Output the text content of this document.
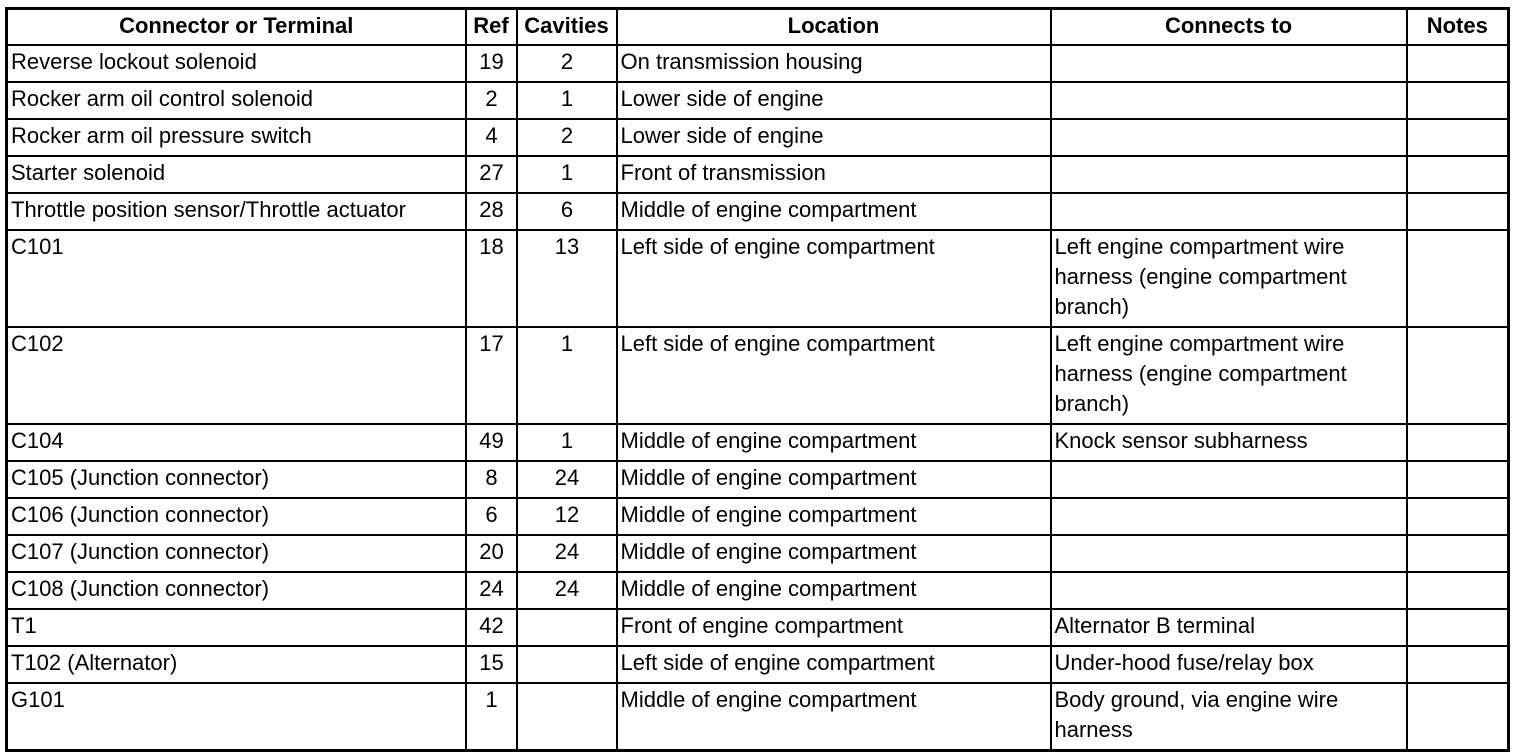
Connector or Terminal	Ref	Cavities	Location	Connects to	Notes
Reverse lockout solenoid	19	2	On transmission housing		
Rocker arm oil control solenoid	2	1	Lower side of engine		
Rocker arm oil pressure switch	4	2	Lower side of engine		
Starter solenoid	27	1	Front of transmission		
Throttle position sensor/Throttle actuator	28	6	Middle of engine compartment		
C101	18	13	Left side of engine compartment	Left engine compartment wire harness (engine compartment branch)	
C102	17	1	Left side of engine compartment	Left engine compartment wire harness (engine compartment branch)	
C104	49	1	Middle of engine compartment	Knock sensor subharness	
C105 (Junction connector)	8	24	Middle of engine compartment		
C106 (Junction connector)	6	12	Middle of engine compartment		
C107 (Junction connector)	20	24	Middle of engine compartment		
C108 (Junction connector)	24	24	Middle of engine compartment		
T1	42		Front of engine compartment	Alternator B terminal	
T102 (Alternator)	15		Left side of engine compartment	Under-hood fuse/relay box	
G101	1		Middle of engine compartment	Body ground, via engine wire harness	
